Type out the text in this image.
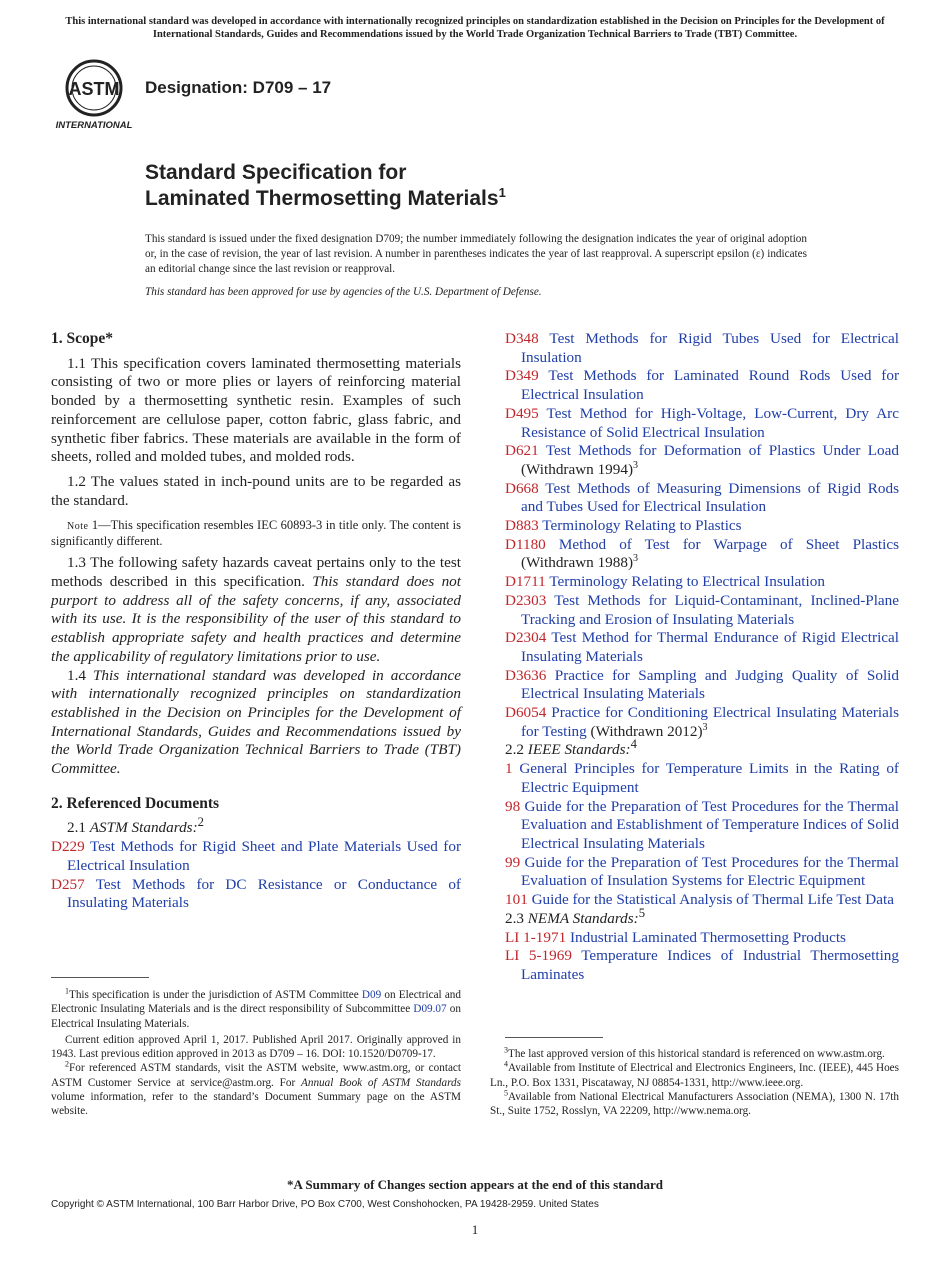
This international standard was developed in accordance with internationally recognized principles on standardization established in the Decision on Principles for the Development of International Standards, Guides and Recommendations issued by the World Trade Organization Technical Barriers to Trade (TBT) Committee.
ASTM
INTERNATIONAL
Designation: D709 – 17
Standard Specification for
Laminated Thermosetting Materials$^1$
This standard is issued under the fixed designation D709; the number immediately following the designation indicates the year of original adoption or, in the case of revision, the year of last revision. A number in parentheses indicates the year of last reapproval. A superscript epsilon (ε) indicates an editorial change since the last revision or reapproval.
This standard has been approved for use by agencies of the U.S. Department of Defense.
1. Scope*

1.1 This specification covers laminated thermosetting materials consisting of two or more plies or layers of reinforcing material bonded by a thermosetting synthetic resin. Examples of such reinforcement are cellulose paper, cotton fabric, glass fabric, and synthetic fiber fabrics. These materials are available in the form of sheets, rolled and molded tubes, and molded rods.

1.2 The values stated in inch-pound units are to be regarded as the standard.

Note 1—This specification resembles IEC 60893-3 in title only. The content is significantly different.

1.3 The following safety hazards caveat pertains only to the test methods described in this specification. This standard does not purport to address all of the safety concerns, if any, associated with its use. It is the responsibility of the user of this standard to establish appropriate safety and health practices and determine the applicability of regulatory limitations prior to use.

1.4 This international standard was developed in accordance with internationally recognized principles on standardization established in the Decision on Principles for the Development of International Standards, Guides and Recommendations issued by the World Trade Organization Technical Barriers to Trade (TBT) Committee.

2. Referenced Documents

2.1 ASTM Standards:$^2$

D229 Test Methods for Rigid Sheet and Plate Materials Used for Electrical Insulation

D257 Test Methods for DC Resistance or Conductance of Insulating Materials

D348 Test Methods for Rigid Tubes Used for Electrical Insulation

D349 Test Methods for Laminated Round Rods Used for Electrical Insulation

D495 Test Method for High-Voltage, Low-Current, Dry Arc Resistance of Solid Electrical Insulation

D621 Test Methods for Deformation of Plastics Under Load (Withdrawn 1994)$^3$

D668 Test Methods of Measuring Dimensions of Rigid Rods and Tubes Used for Electrical Insulation

D883 Terminology Relating to Plastics

D1180 Method of Test for Warpage of Sheet Plastics (Withdrawn 1988)$^3$

D1711 Terminology Relating to Electrical Insulation

D2303 Test Methods for Liquid-Contaminant, Inclined-Plane Tracking and Erosion of Insulating Materials

D2304 Test Method for Thermal Endurance of Rigid Electrical Insulating Materials

D3636 Practice for Sampling and Judging Quality of Solid Electrical Insulating Materials

D6054 Practice for Conditioning Electrical Insulating Materials for Testing (Withdrawn 2012)$^3$

2.2 IEEE Standards:$^4$

1 General Principles for Temperature Limits in the Rating of Electric Equipment

98 Guide for the Preparation of Test Procedures for the Thermal Evaluation and Establishment of Temperature Indices of Solid Electrical Insulating Materials

99 Guide for the Preparation of Test Procedures for the Thermal Evaluation of Insulation Systems for Electric Equipment

101 Guide for the Statistical Analysis of Thermal Life Test Data

2.3 NEMA Standards:$^5$

LI 1-1971 Industrial Laminated Thermosetting Products

LI 5-1969 Temperature Indices of Industrial Thermosetting Laminates

$^1$This specification is under the jurisdiction of ASTM Committee D09 on Electrical and Electronic Insulating Materials and is the direct responsibility of Subcommittee D09.07 on Electrical Insulating Materials.

Current edition approved April 1, 2017. Published April 2017. Originally approved in 1943. Last previous edition approved in 2013 as D709 – 16. DOI: 10.1520/D0709-17.

$^2$For referenced ASTM standards, visit the ASTM website, www.astm.org, or contact ASTM Customer Service at service@astm.org. For Annual Book of ASTM Standards volume information, refer to the standard’s Document Summary page on the ASTM website.

$^3$The last approved version of this historical standard is referenced on www.astm.org.

$^4$Available from Institute of Electrical and Electronics Engineers, Inc. (IEEE), 445 Hoes Ln., P.O. Box 1331, Piscataway, NJ 08854-1331, http://www.ieee.org.

$^5$Available from National Electrical Manufacturers Association (NEMA), 1300 N. 17th St., Suite 1752, Rosslyn, VA 22209, http://www.nema.org.

*A Summary of Changes section appears at the end of this standard
Copyright © ASTM International, 100 Barr Harbor Drive, PO Box C700, West Conshohocken, PA 19428-2959. United States
1
